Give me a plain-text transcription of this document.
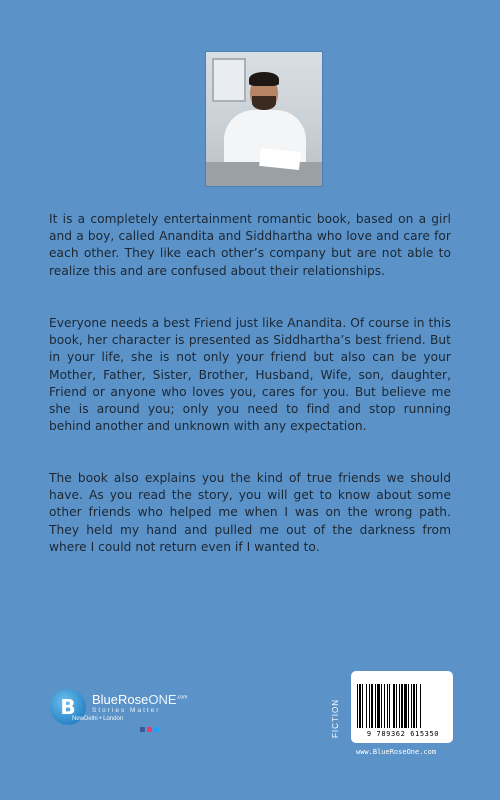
It is a completely entertainment romantic book, based on a girl and a boy, called Anandita and Siddhartha who love and care for each other. They like each other’s company but are not able to realize this and are confused about their relationships.

Everyone needs a best Friend just like Anandita. Of course in this book, her character is presented as Siddhartha’s best friend. But in your life, she is not only your friend but also can be your Mother, Father, Sister, Brother, Husband, Wife, son, daughter, Friend or anyone who loves you, cares for you. But believe me she is around you; only you need to find and stop running behind another and unknown with any expectation.

The book also explains you the kind of true friends we should have. As you read the story, you will get to know about some other friends who helped me when I was on the wrong path. They held my hand and pulled me out of the darkness from where I could not return even if I wanted to.

B	BlueRoseONE$^{.com}$
Stories Matter
NewDelhi • London	FICTION	9 789362 615350
www.BlueRoseOne.com
